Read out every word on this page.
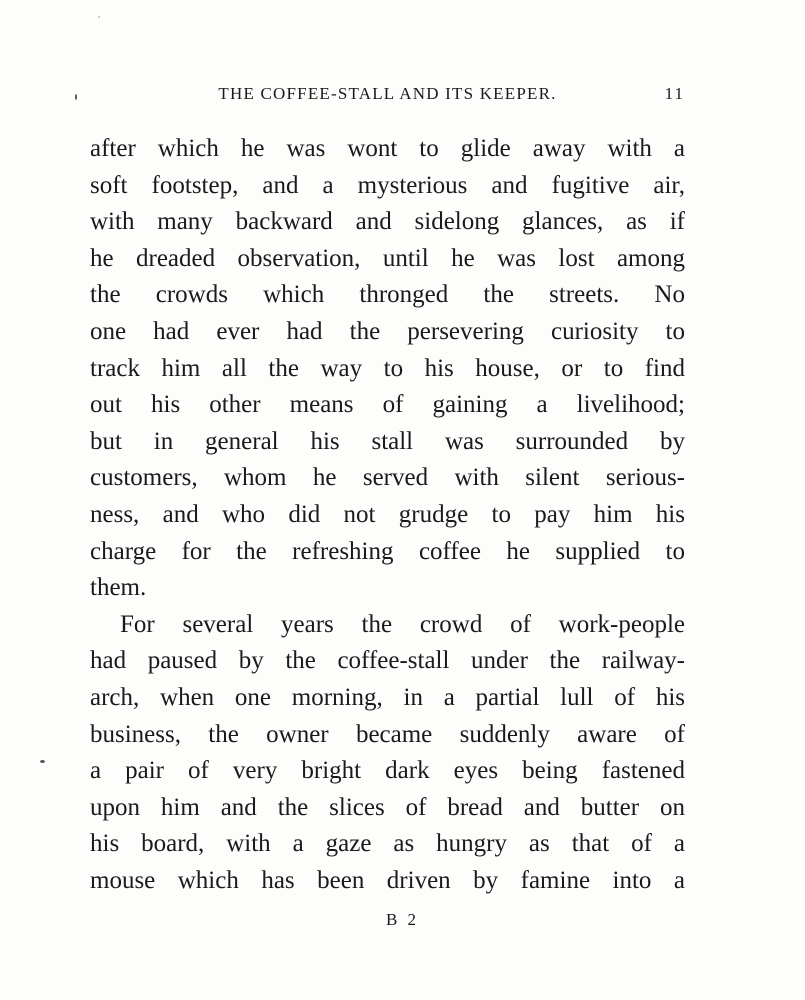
THE COFFEE-STALL AND ITS KEEPER.	11
after which he was wont to glide away with a
soft footstep, and a mysterious and fugitive air,
with many backward and sidelong glances, as if
he dreaded observation, until he was lost among
the crowds which thronged the streets. No
one had ever had the persevering curiosity to
track him all the way to his house, or to find
out his other means of gaining a livelihood;
but in general his stall was surrounded by
customers, whom he served with silent serious-
ness, and who did not grudge to pay him his
charge for the refreshing coffee he supplied to
them.
For several years the crowd of work-people
had paused by the coffee-stall under the railway-
arch, when one morning, in a partial lull of his
business, the owner became suddenly aware of
a pair of very bright dark eyes being fastened
upon him and the slices of bread and butter on
his board, with a gaze as hungry as that of a
mouse which has been driven by famine into a
B 2
